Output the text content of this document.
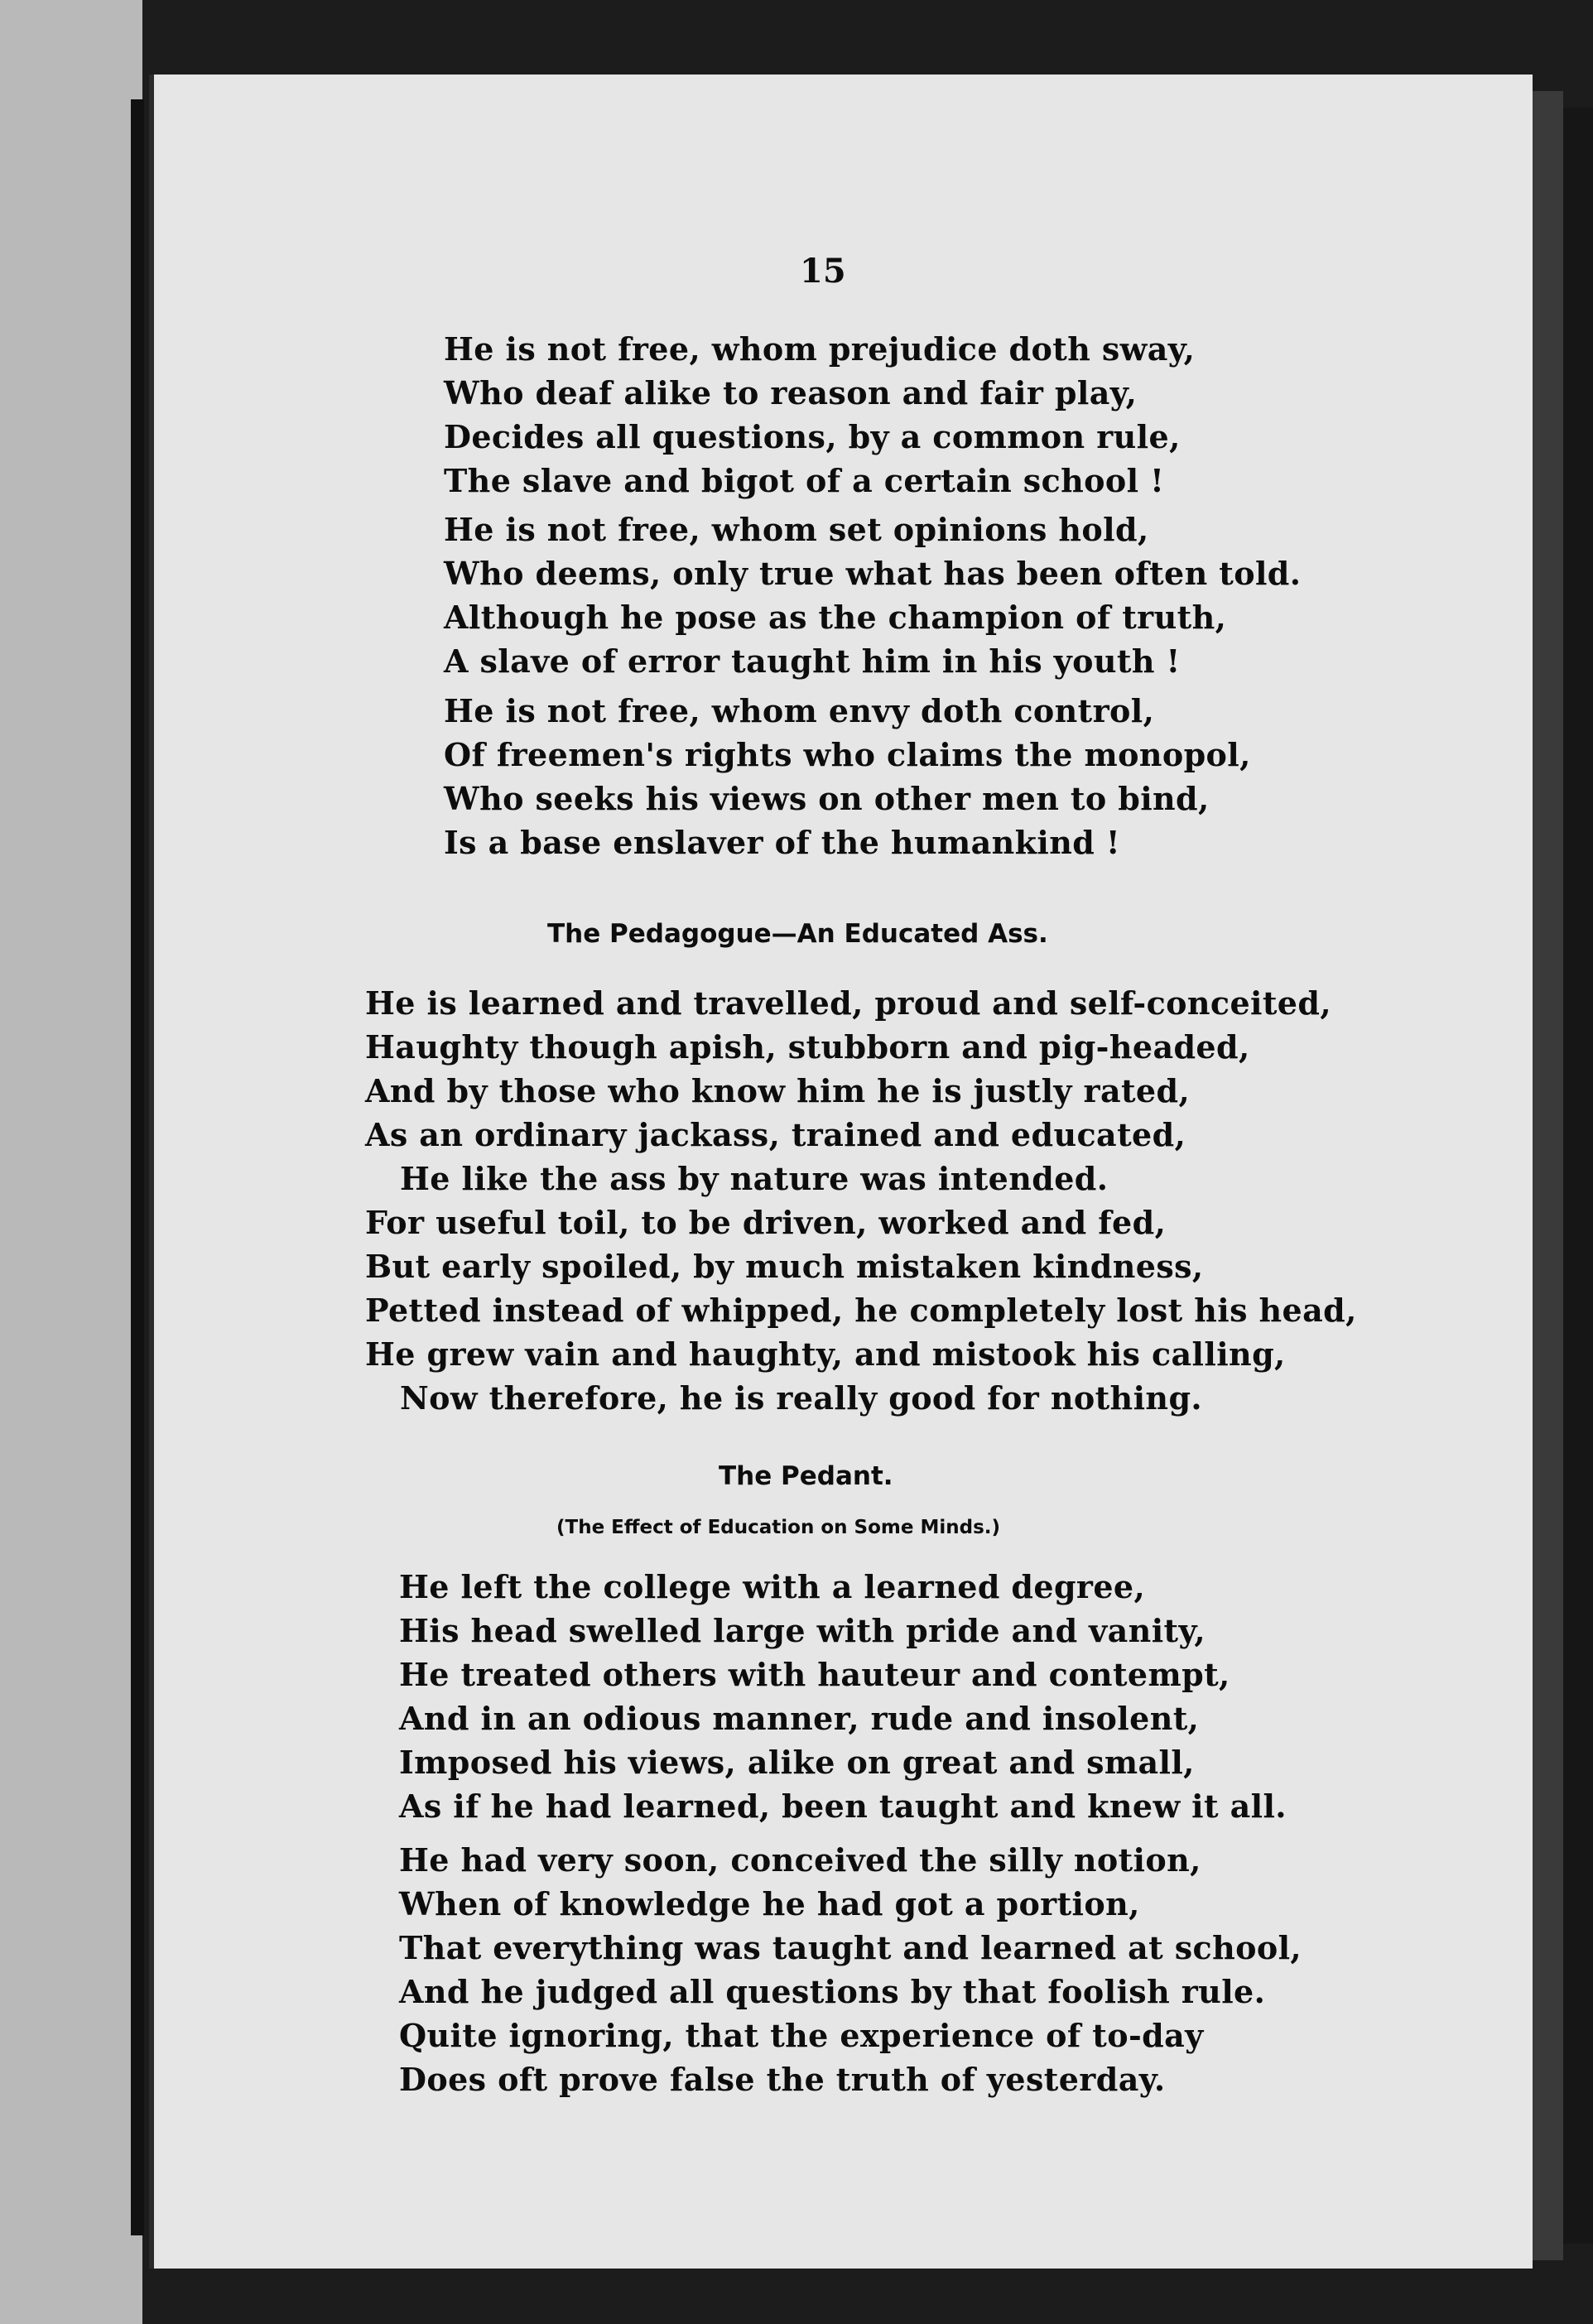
15
He is not free, whom prejudice doth sway,
Who deaf alike to reason and fair play,
Decides all questions, by a common rule,
The slave and bigot of a certain school !
He is not free, whom set opinions hold,
Who deems, only true what has been often told.
Although he pose as the champion of truth,
A slave of error taught him in his youth !
He is not free, whom envy doth control,
Of freemen's rights who claims the monopol,
Who seeks his views on other men to bind,
Is a base enslaver of the humankind !
The Pedagogue—An Educated Ass.
He is learned and travelled, proud and self-conceited,
Haughty though apish, stubborn and pig-headed,
And by those who know him he is justly rated,
As an ordinary jackass, trained and educated,
He like the ass by nature was intended.
For useful toil, to be driven, worked and fed,
But early spoiled, by much mistaken kindness,
Petted instead of whipped, he completely lost his head,
He grew vain and haughty, and mistook his calling,
Now therefore, he is really good for nothing.
The Pedant.
(The Effect of Education on Some Minds.)
He left the college with a learned degree,
His head swelled large with pride and vanity,
He treated others with hauteur and contempt,
And in an odious manner, rude and insolent,
Imposed his views, alike on great and small,
As if he had learned, been taught and knew it all.
He had very soon, conceived the silly notion,
When of knowledge he had got a portion,
That everything was taught and learned at school,
And he judged all questions by that foolish rule.
Quite ignoring, that the experience of to-day
Does oft prove false the truth of yesterday.
